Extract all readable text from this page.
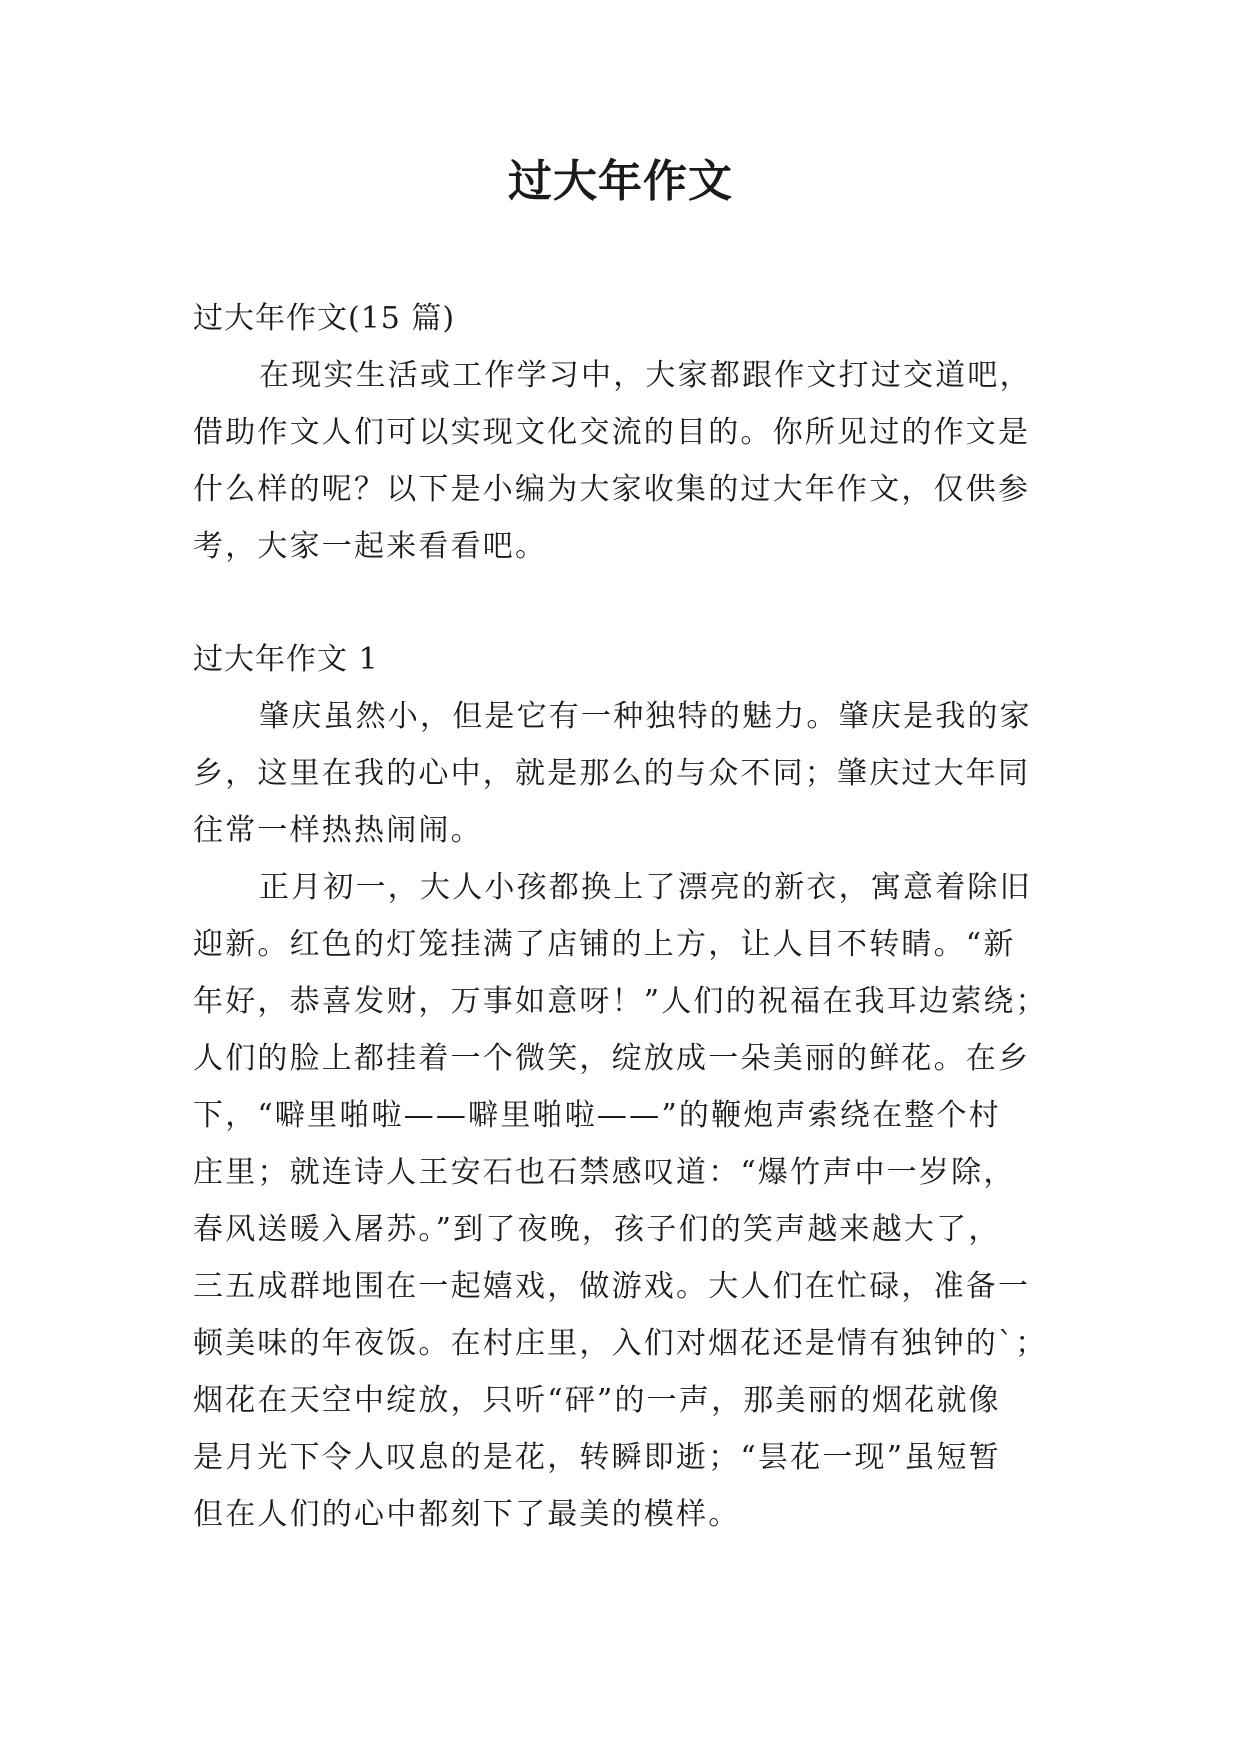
过大年作文
过大年作文(15 篇)
在现实生活或工作学习中，大家都跟作文打过交道吧，
借助作文人们可以实现文化交流的目的。你所见过的作文是
什么样的呢？以下是小编为大家收集的过大年作文，仅供参
考，大家一起来看看吧。
过大年作文 1
肇庆虽然小，但是它有一种独特的魅力。肇庆是我的家
乡，这里在我的心中，就是那么的与众不同；肇庆过大年同
往常一样热热闹闹。
正月初一，大人小孩都换上了漂亮的新衣，寓意着除旧
迎新。红色的灯笼挂满了店铺的上方，让人目不转睛。“新
年好，恭喜发财，万事如意呀！”人们的祝福在我耳边萦绕；
人们的脸上都挂着一个微笑，绽放成一朵美丽的鲜花。在乡
下，“噼里啪啦——噼里啪啦——”的鞭炮声索绕在整个村
庄里；就连诗人王安石也石禁感叹道：“爆竹声中一岁除，
春风送暖入屠苏。”到了夜晚，孩子们的笑声越来越大了，
三五成群地围在一起嬉戏，做游戏。大人们在忙碌，准备一
顿美味的年夜饭。在村庄里，入们对烟花还是情有独钟的`；
烟花在天空中绽放，只听“砰”的一声，那美丽的烟花就像
是月光下令人叹息的是花，转瞬即逝；“昙花一现”虽短暂
但在人们的心中都刻下了最美的模样。
